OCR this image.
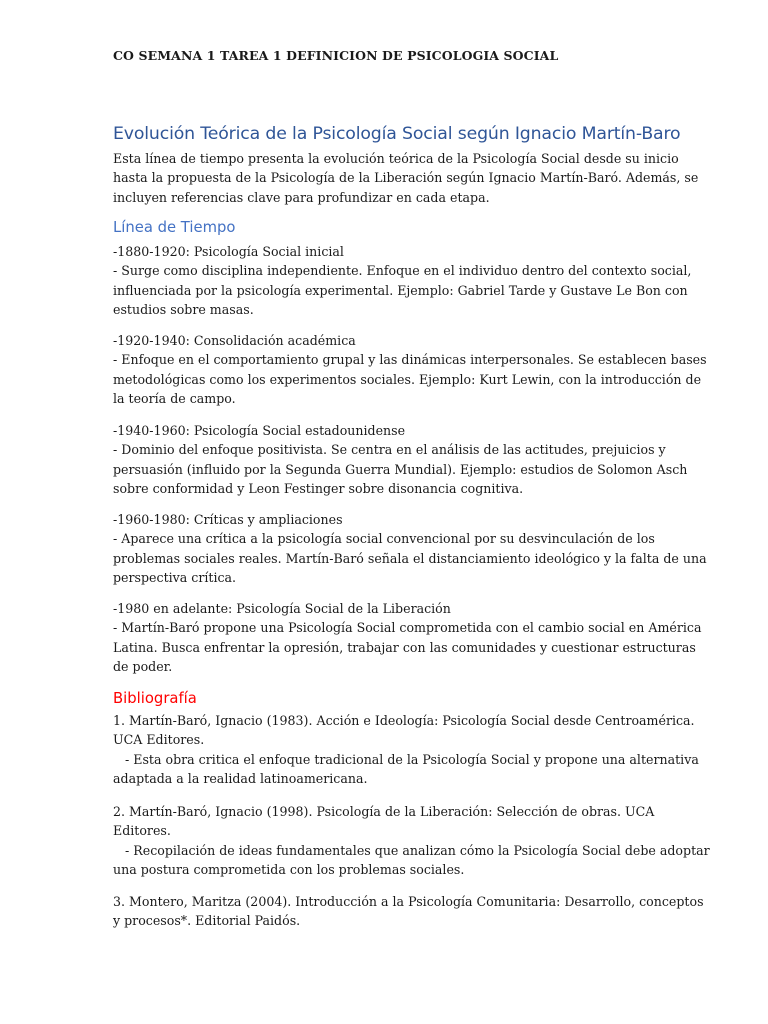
CO SEMANA 1 TAREA 1 DEFINICION DE PSICOLOGIA SOCIAL
Evolución Teórica de la Psicología Social según Ignacio Martín-Baro
Esta línea de tiempo presenta la evolución teórica de la Psicología Social desde su inicio
hasta la propuesta de la Psicología de la Liberación según Ignacio Martín-Baró. Además, se
incluyen referencias clave para profundizar en cada etapa.
Línea de Tiempo
-1880-1920: Psicología Social inicial
- Surge como disciplina independiente. Enfoque en el individuo dentro del contexto social,
influenciada por la psicología experimental. Ejemplo: Gabriel Tarde y Gustave Le Bon con
estudios sobre masas.
-1920-1940: Consolidación académica
- Enfoque en el comportamiento grupal y las dinámicas interpersonales. Se establecen bases
metodológicas como los experimentos sociales. Ejemplo: Kurt Lewin, con la introducción de
la teoría de campo.
-1940-1960: Psicología Social estadounidense
- Dominio del enfoque positivista. Se centra en el análisis de las actitudes, prejuicios y
persuasión (influido por la Segunda Guerra Mundial). Ejemplo: estudios de Solomon Asch
sobre conformidad y Leon Festinger sobre disonancia cognitiva.
-1960-1980: Críticas y ampliaciones
- Aparece una crítica a la psicología social convencional por su desvinculación de los
problemas sociales reales. Martín-Baró señala el distanciamiento ideológico y la falta de una
perspectiva crítica.
-1980 en adelante: Psicología Social de la Liberación
- Martín-Baró propone una Psicología Social comprometida con el cambio social en América
Latina. Busca enfrentar la opresión, trabajar con las comunidades y cuestionar estructuras
de poder.
Bibliografía
1. Martín-Baró, Ignacio (1983). Acción e Ideología: Psicología Social desde Centroamérica.
UCA Editores.
- Esta obra critica el enfoque tradicional de la Psicología Social y propone una alternativa
adaptada a la realidad latinoamericana.
2. Martín-Baró, Ignacio (1998). Psicología de la Liberación: Selección de obras. UCA
Editores.
- Recopilación de ideas fundamentales que analizan cómo la Psicología Social debe adoptar
una postura comprometida con los problemas sociales.
3. Montero, Maritza (2004). Introducción a la Psicología Comunitaria: Desarrollo, conceptos
y procesos*. Editorial Paidós.
